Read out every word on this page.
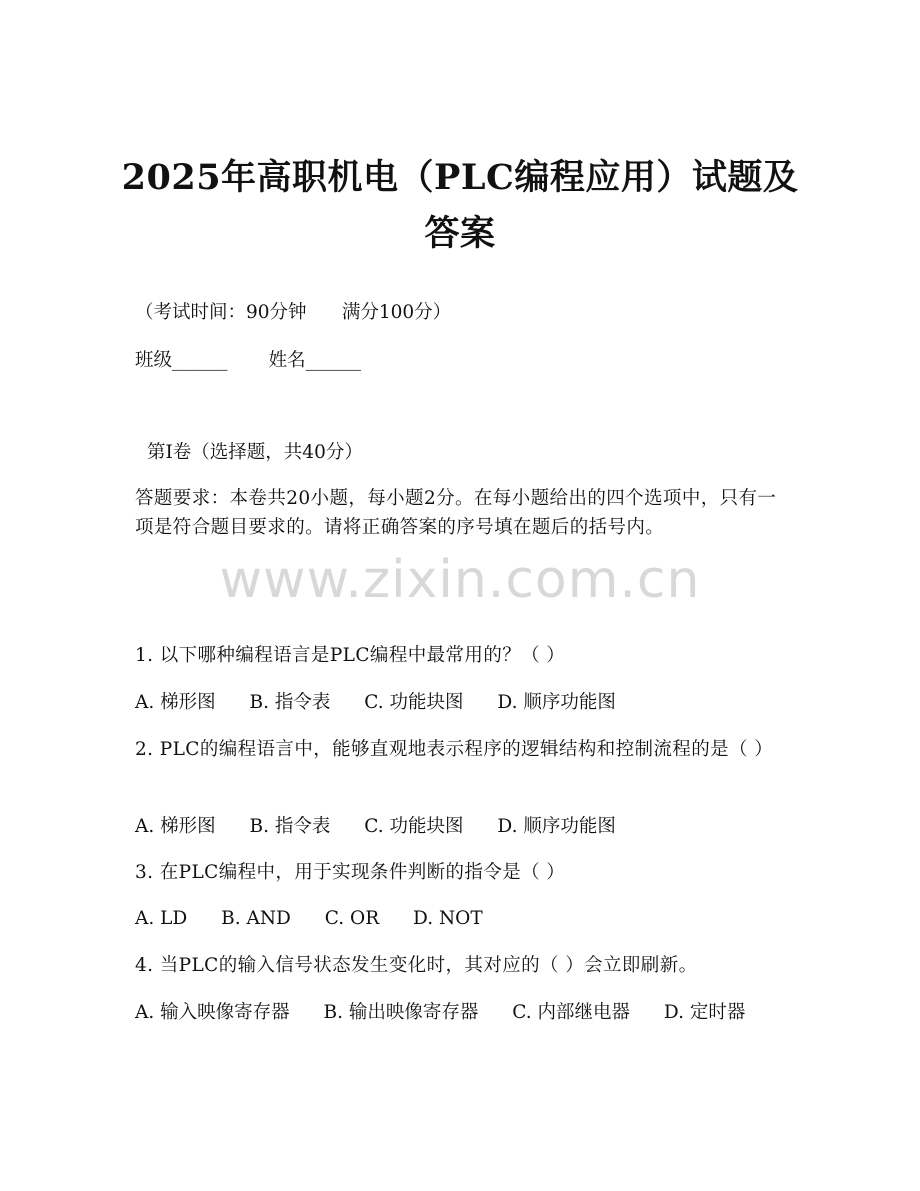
2025年高职机电（PLC编程应用）试题及答案
（考试时间：90分钟      满分100分）
班级______       姓名______
第Ⅰ卷（选择题，共40分）
答题要求：本卷共20小题，每小题2分。在每小题给出的四个选项中，只有一项是符合题目要求的。请将正确答案的序号填在题后的括号内。
www.zixin.com.cn
1. 以下哪种编程语言是PLC编程中最常用的？（ ）
A. 梯形图 B. 指令表 C. 功能块图 D. 顺序功能图
2. PLC的编程语言中，能够直观地表示程序的逻辑结构和控制流程的是（ ）
A. 梯形图 B. 指令表 C. 功能块图 D. 顺序功能图
3. 在PLC编程中，用于实现条件判断的指令是（ ）
A. LD B. AND C. OR D. NOT
4. 当PLC的输入信号状态发生变化时，其对应的（ ）会立即刷新。
A. 输入映像寄存器 B. 输出映像寄存器 C. 内部继电器 D. 定时器
